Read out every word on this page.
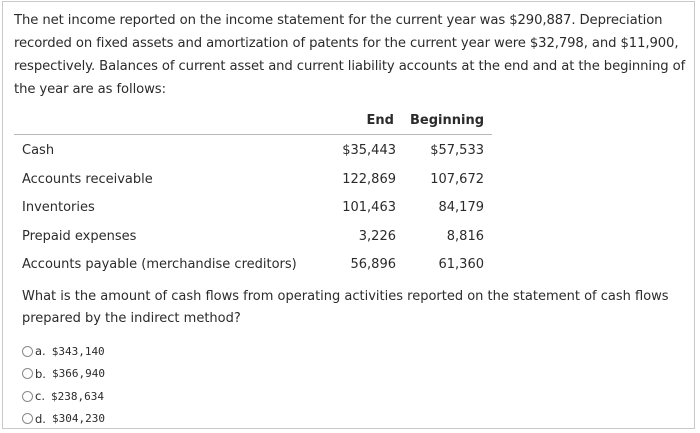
The net income reported on the income statement for the current year was $290,887. Depreciation recorded on fixed assets and amortization of patents for the current year were $32,798, and $11,900, respectively. Balances of current asset and current liability accounts at the end and at the beginning of the year are as follows:
End Beginning
Cash	$35,443	$57,533
Accounts receivable	122,869	107,672
Inventories	101,463	84,179
Prepaid expenses	3,226	8,816
Accounts payable (merchandise creditors)	56,896	61,360
What is the amount of cash flows from operating activities reported on the statement of cash flows prepared by the indirect method?
a. $343,140
b. $366,940
c. $238,634
d. $304,230
